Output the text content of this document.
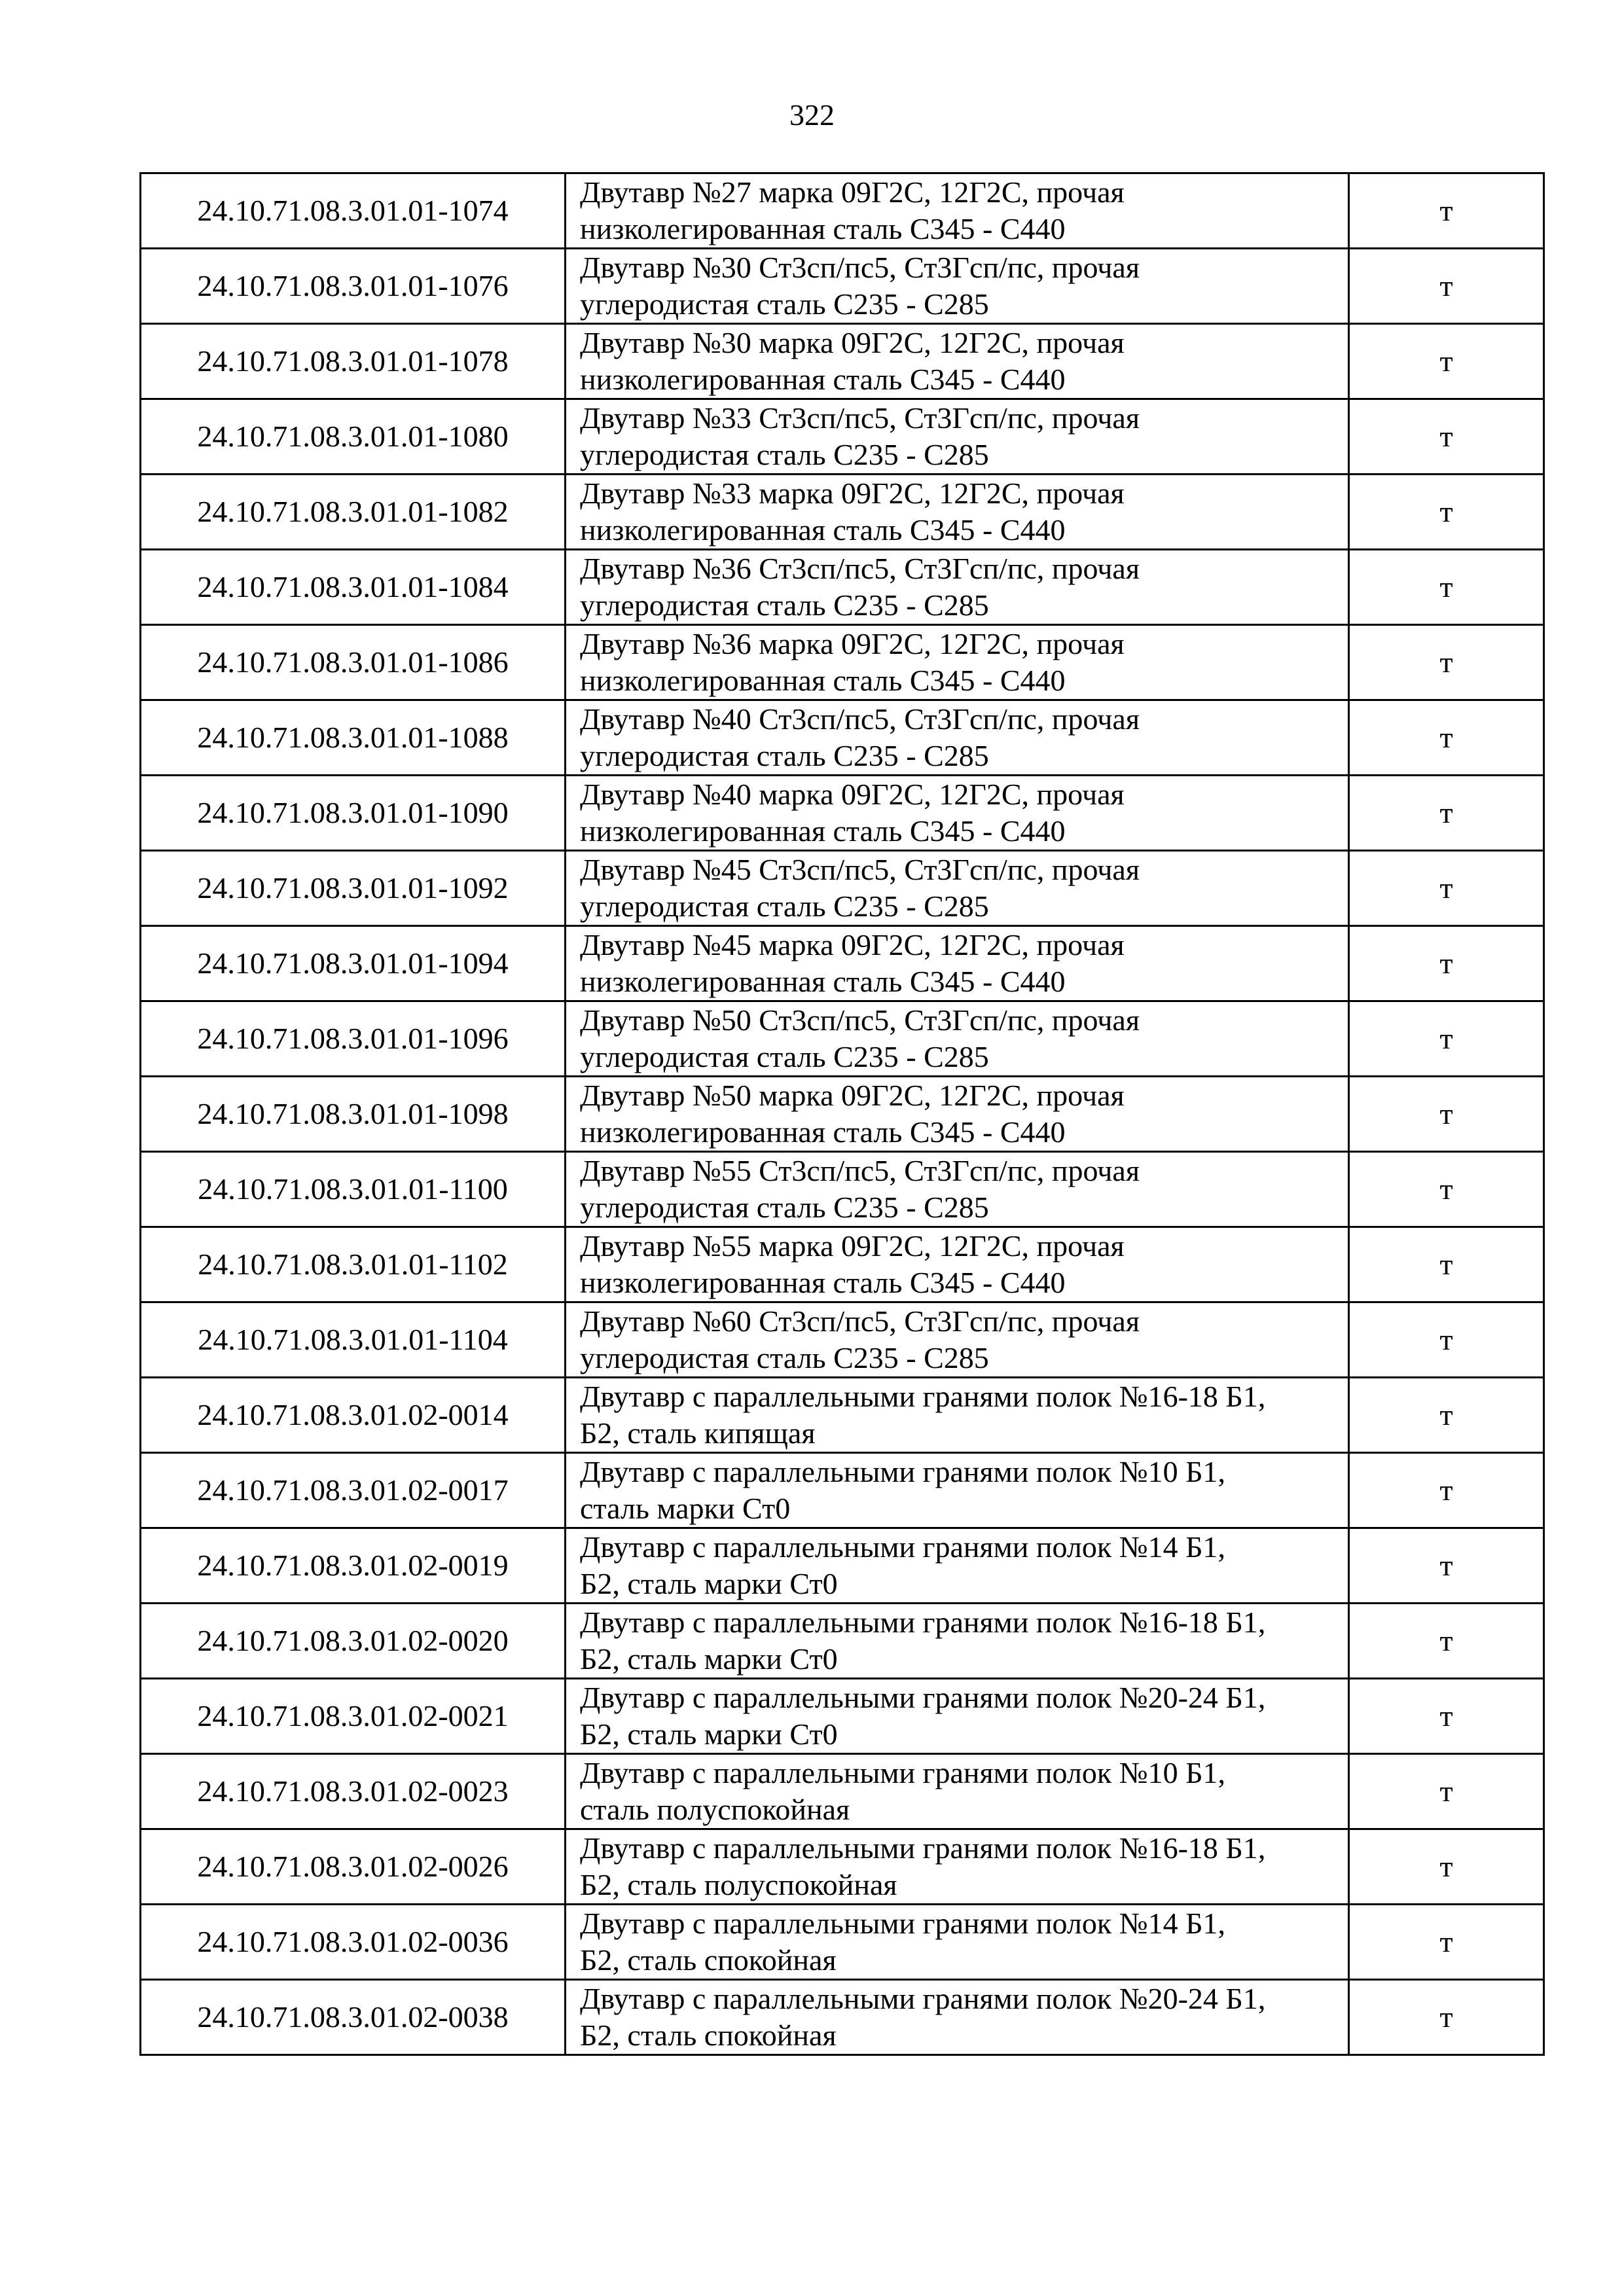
322
24.10.71.08.3.01.01-1074	Двутавр №27 марка 09Г2С, 12Г2С, прочая
низколегированная сталь С345 - С440	т
24.10.71.08.3.01.01-1076	Двутавр №30 Ст3сп/пс5, Ст3Гсп/пс, прочая
углеродистая сталь С235 - С285	т
24.10.71.08.3.01.01-1078	Двутавр №30 марка 09Г2С, 12Г2С, прочая
низколегированная сталь С345 - С440	т
24.10.71.08.3.01.01-1080	Двутавр №33 Ст3сп/пс5, Ст3Гсп/пс, прочая
углеродистая сталь С235 - С285	т
24.10.71.08.3.01.01-1082	Двутавр №33 марка 09Г2С, 12Г2С, прочая
низколегированная сталь С345 - С440	т
24.10.71.08.3.01.01-1084	Двутавр №36 Ст3сп/пс5, Ст3Гсп/пс, прочая
углеродистая сталь С235 - С285	т
24.10.71.08.3.01.01-1086	Двутавр №36 марка 09Г2С, 12Г2С, прочая
низколегированная сталь С345 - С440	т
24.10.71.08.3.01.01-1088	Двутавр №40 Ст3сп/пс5, Ст3Гсп/пс, прочая
углеродистая сталь С235 - С285	т
24.10.71.08.3.01.01-1090	Двутавр №40 марка 09Г2С, 12Г2С, прочая
низколегированная сталь С345 - С440	т
24.10.71.08.3.01.01-1092	Двутавр №45 Ст3сп/пс5, Ст3Гсп/пс, прочая
углеродистая сталь С235 - С285	т
24.10.71.08.3.01.01-1094	Двутавр №45 марка 09Г2С, 12Г2С, прочая
низколегированная сталь С345 - С440	т
24.10.71.08.3.01.01-1096	Двутавр №50 Ст3сп/пс5, Ст3Гсп/пс, прочая
углеродистая сталь С235 - С285	т
24.10.71.08.3.01.01-1098	Двутавр №50 марка 09Г2С, 12Г2С, прочая
низколегированная сталь С345 - С440	т
24.10.71.08.3.01.01-1100	Двутавр №55 Ст3сп/пс5, Ст3Гсп/пс, прочая
углеродистая сталь С235 - С285	т
24.10.71.08.3.01.01-1102	Двутавр №55 марка 09Г2С, 12Г2С, прочая
низколегированная сталь С345 - С440	т
24.10.71.08.3.01.01-1104	Двутавр №60 Ст3сп/пс5, Ст3Гсп/пс, прочая
углеродистая сталь С235 - С285	т
24.10.71.08.3.01.02-0014	Двутавр с параллельными гранями полок №16-18 Б1,
Б2, сталь кипящая	т
24.10.71.08.3.01.02-0017	Двутавр с параллельными гранями полок №10 Б1,
сталь марки Ст0	т
24.10.71.08.3.01.02-0019	Двутавр с параллельными гранями полок №14 Б1,
Б2, сталь марки Ст0	т
24.10.71.08.3.01.02-0020	Двутавр с параллельными гранями полок №16-18 Б1,
Б2, сталь марки Ст0	т
24.10.71.08.3.01.02-0021	Двутавр с параллельными гранями полок №20-24 Б1,
Б2, сталь марки Ст0	т
24.10.71.08.3.01.02-0023	Двутавр с параллельными гранями полок №10 Б1,
сталь полуспокойная	т
24.10.71.08.3.01.02-0026	Двутавр с параллельными гранями полок №16-18 Б1,
Б2, сталь полуспокойная	т
24.10.71.08.3.01.02-0036	Двутавр с параллельными гранями полок №14 Б1,
Б2, сталь спокойная	т
24.10.71.08.3.01.02-0038	Двутавр с параллельными гранями полок №20-24 Б1,
Б2, сталь спокойная	т
